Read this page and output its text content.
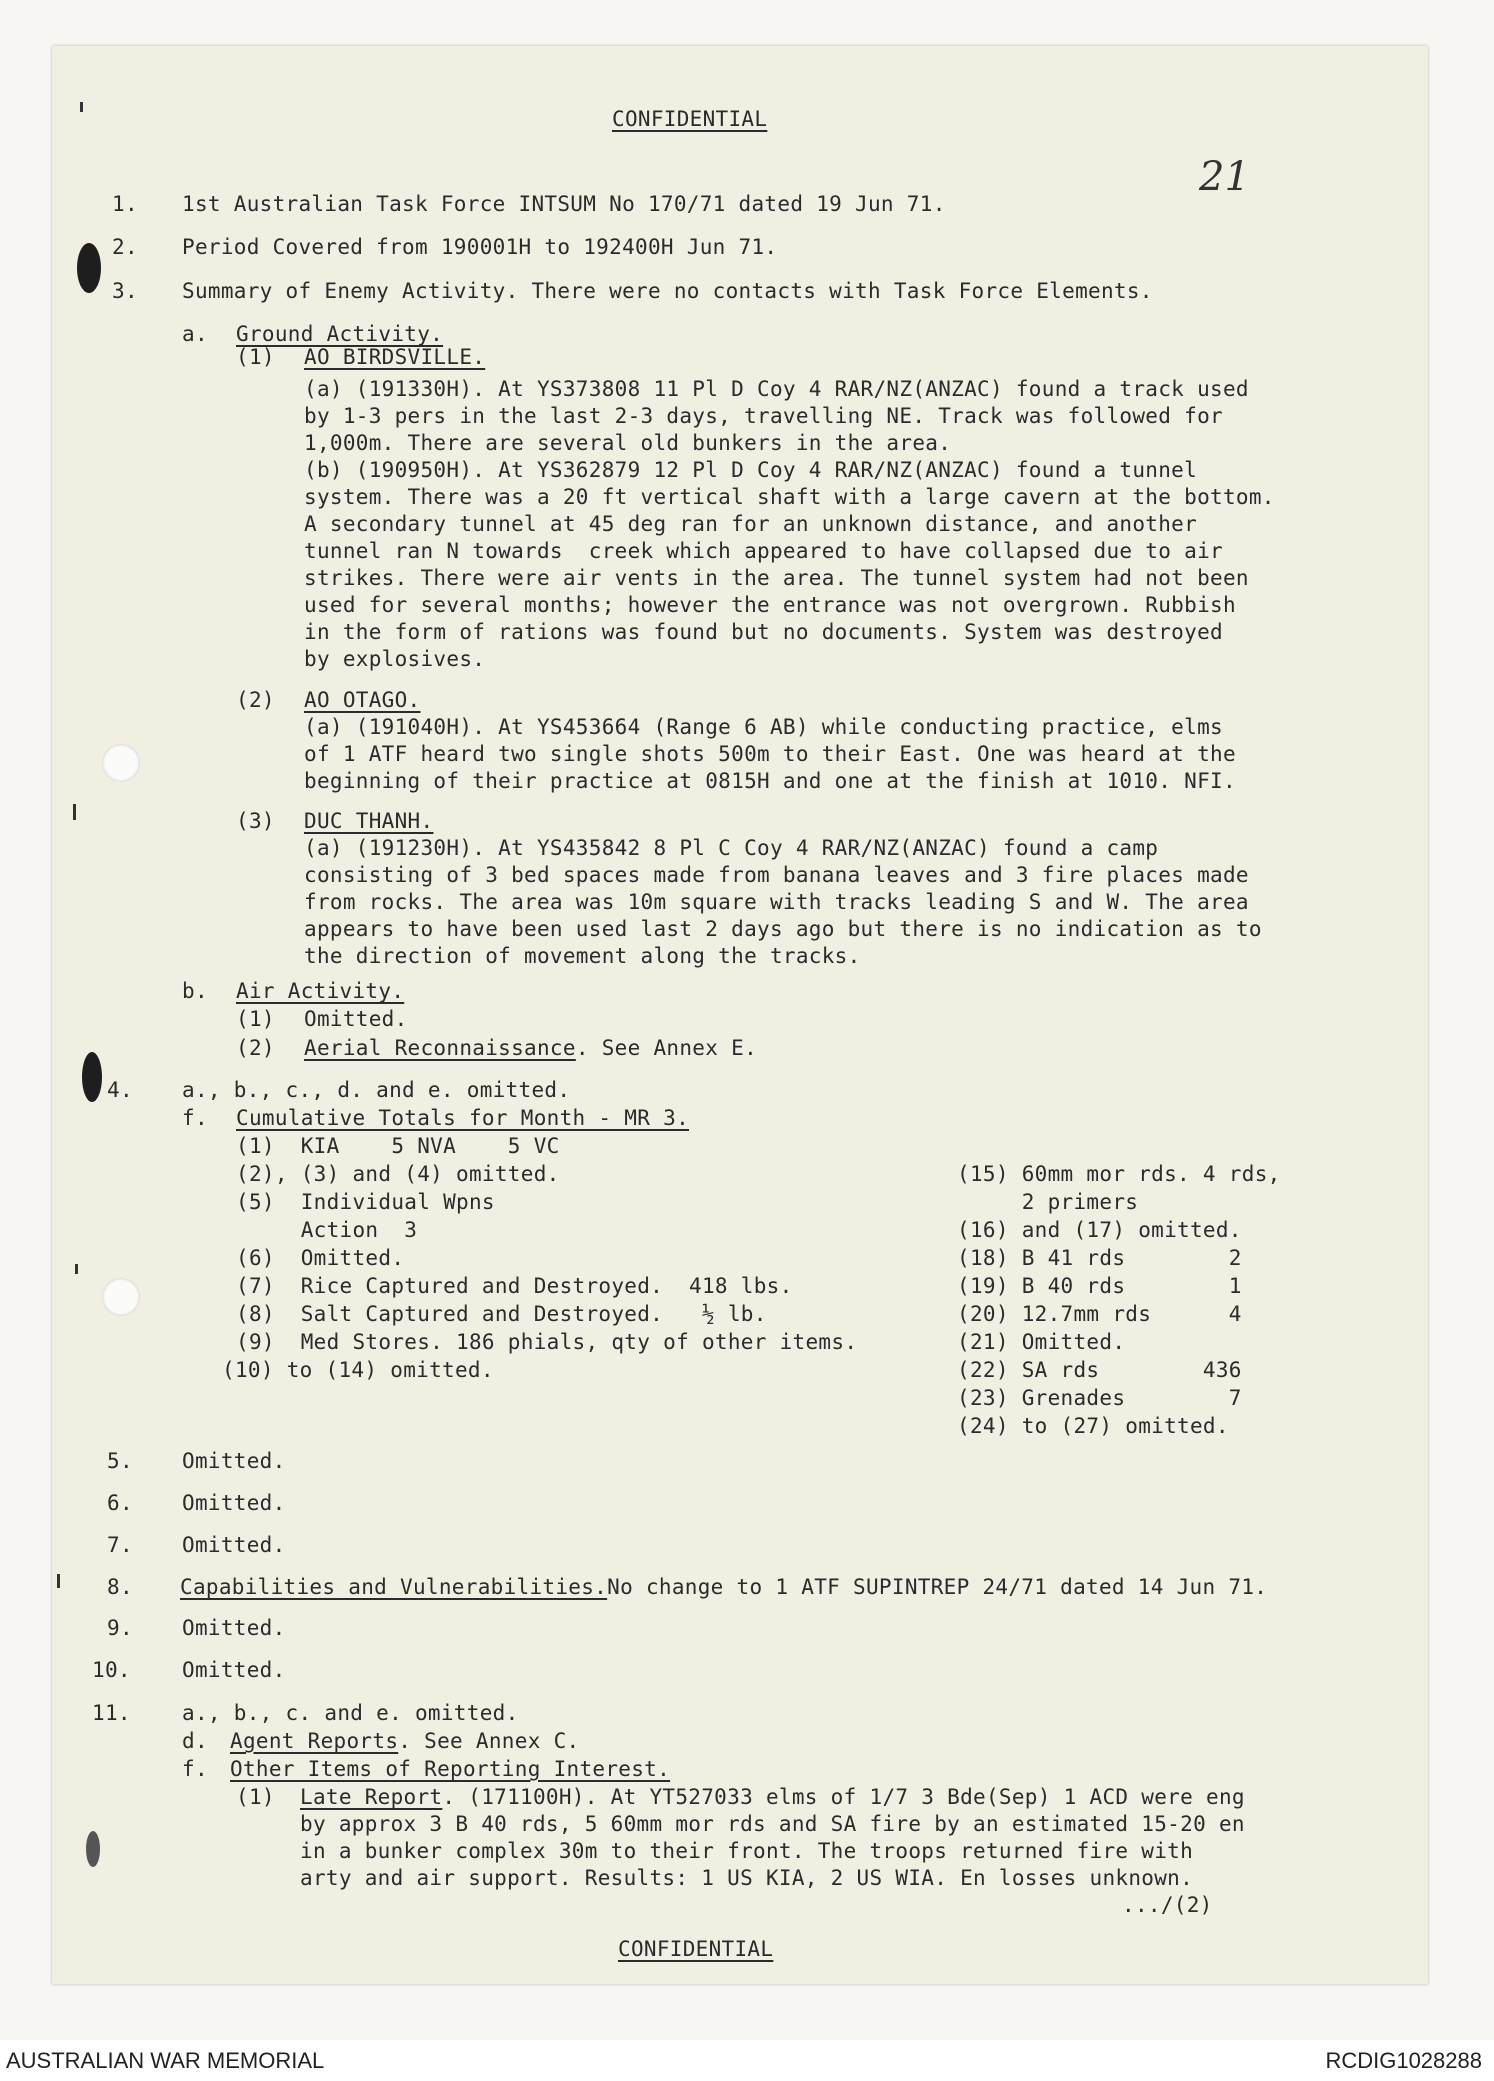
21
CONFIDENTIAL
1. 1st Australian Task Force INTSUM No 170/71 dated 19 Jun 71.
2. Period Covered from 190001H to 192400H Jun 71.
3. Summary of Enemy Activity. There were no contacts with Task Force Elements.
a. Ground Activity.
(1) AO BIRDSVILLE.
(a) (191330H). At YS373808 11 Pl D Coy 4 RAR/NZ(ANZAC) found a track used
by 1-3 pers in the last 2-3 days, travelling NE. Track was followed for
1,000m. There are several old bunkers in the area.
(b) (190950H). At YS362879 12 Pl D Coy 4 RAR/NZ(ANZAC) found a tunnel
system. There was a 20 ft vertical shaft with a large cavern at the bottom.
A secondary tunnel at 45 deg ran for an unknown distance, and another
tunnel ran N towards  creek which appeared to have collapsed due to air
strikes. There were air vents in the area. The tunnel system had not been
used for several months; however the entrance was not overgrown. Rubbish
in the form of rations was found but no documents. System was destroyed
by explosives.
(2) AO OTAGO.
(a) (191040H). At YS453664 (Range 6 AB) while conducting practice, elms
of 1 ATF heard two single shots 500m to their East. One was heard at the
beginning of their practice at 0815H and one at the finish at 1010. NFI.
(3) DUC THANH.
(a) (191230H). At YS435842 8 Pl C Coy 4 RAR/NZ(ANZAC) found a camp
consisting of 3 bed spaces made from banana leaves and 3 fire places made
from rocks. The area was 10m square with tracks leading S and W. The area
appears to have been used last 2 days ago but there is no indication as to
the direction of movement along the tracks.
b. Air Activity.
(1) Omitted.
(2) Aerial Reconnaissance. See Annex E.
4. a., b., c., d. and e. omitted.
f. Cumulative Totals for Month - MR 3.
(1)  KIA    5 NVA    5 VC
(2), (3) and (4) omitted.
(5)  Individual Wpns
Action  3
(6)  Omitted.
(7)  Rice Captured and Destroyed.  418 lbs.
(8)  Salt Captured and Destroyed.   ½ lb.
(9)  Med Stores. 186 phials, qty of other items.
(10) to (14) omitted.
(15) 60mm mor rds. 4 rds,
2 primers
(16) and (17) omitted.
(18) B 41 rds        2
(19) B 40 rds        1
(20) 12.7mm rds      4
(21) Omitted.
(22) SA rds        436
(23) Grenades        7
(24) to (27) omitted.
5. Omitted.
6. Omitted.
7. Omitted.
8. Capabilities and Vulnerabilities.No change to 1 ATF SUPINTREP 24/71 dated 14 Jun 71.
9. Omitted.
10. Omitted.
11. a., b., c. and e. omitted.
d. Agent Reports. See Annex C.
f. Other Items of Reporting Interest.
(1) Late Report. (171100H). At YT527033 elms of 1/7 3 Bde(Sep) 1 ACD were eng
by approx 3 B 40 rds, 5 60mm mor rds and SA fire by an estimated 15-20 en
in a bunker complex 30m to their front. The troops returned fire with
arty and air support. Results: 1 US KIA, 2 US WIA. En losses unknown.
.../(2)
CONFIDENTIAL
AUSTRALIAN WAR MEMORIAL	RCDIG1028288
